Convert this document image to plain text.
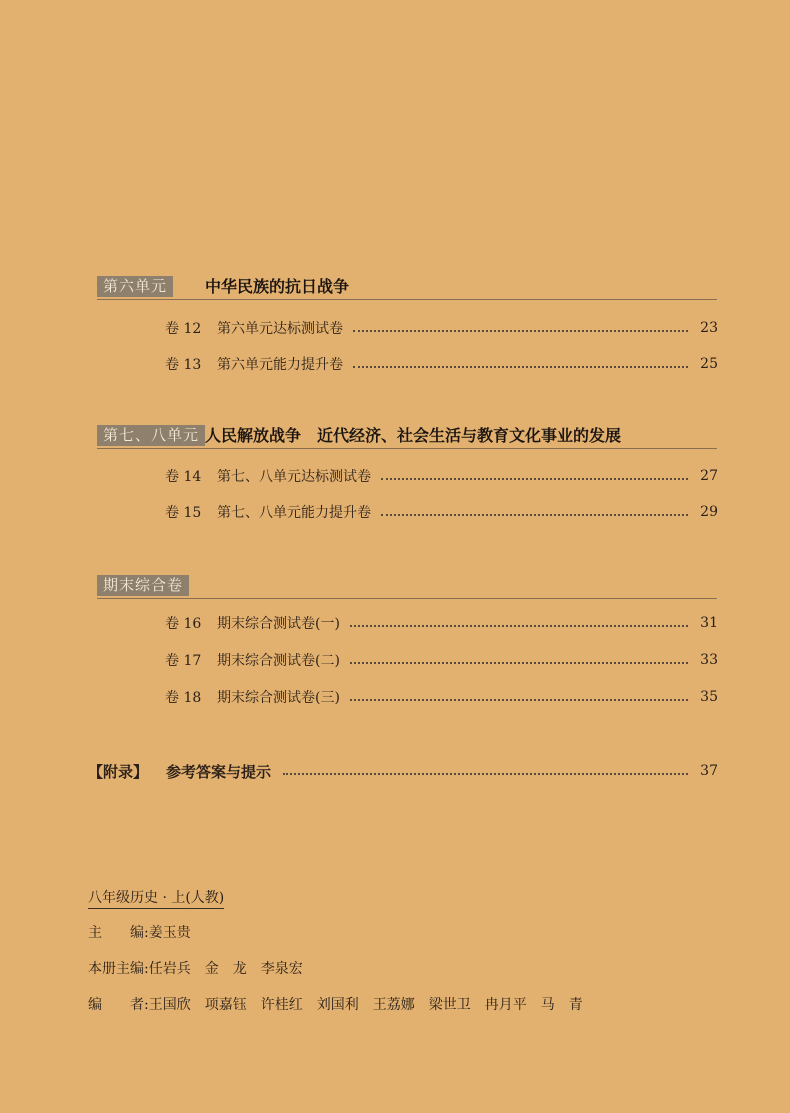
第六单元	中华民族的抗日战争
卷 12	第六单元达标测试卷	23
卷 13	第六单元能力提升卷	25
第七、八单元 人民解放战争　近代经济、社会生活与教育文化事业的发展
卷 14	第七、八单元达标测试卷	27
卷 15	第七、八单元能力提升卷	29
期末综合卷
卷 16	期末综合测试卷(一)	31
卷 17	期末综合测试卷(二)	33
卷 18	期末综合测试卷(三)	35
【附录】 参考答案与提示	37
八年级历史 · 上(人教)
主　　编:姜玉贵
本册主编:任岩兵 金　龙 李泉宏
编　　者:王国欣 项嘉钰 许桂红 刘国利 王荔娜 梁世卫 冉月平 马　青
